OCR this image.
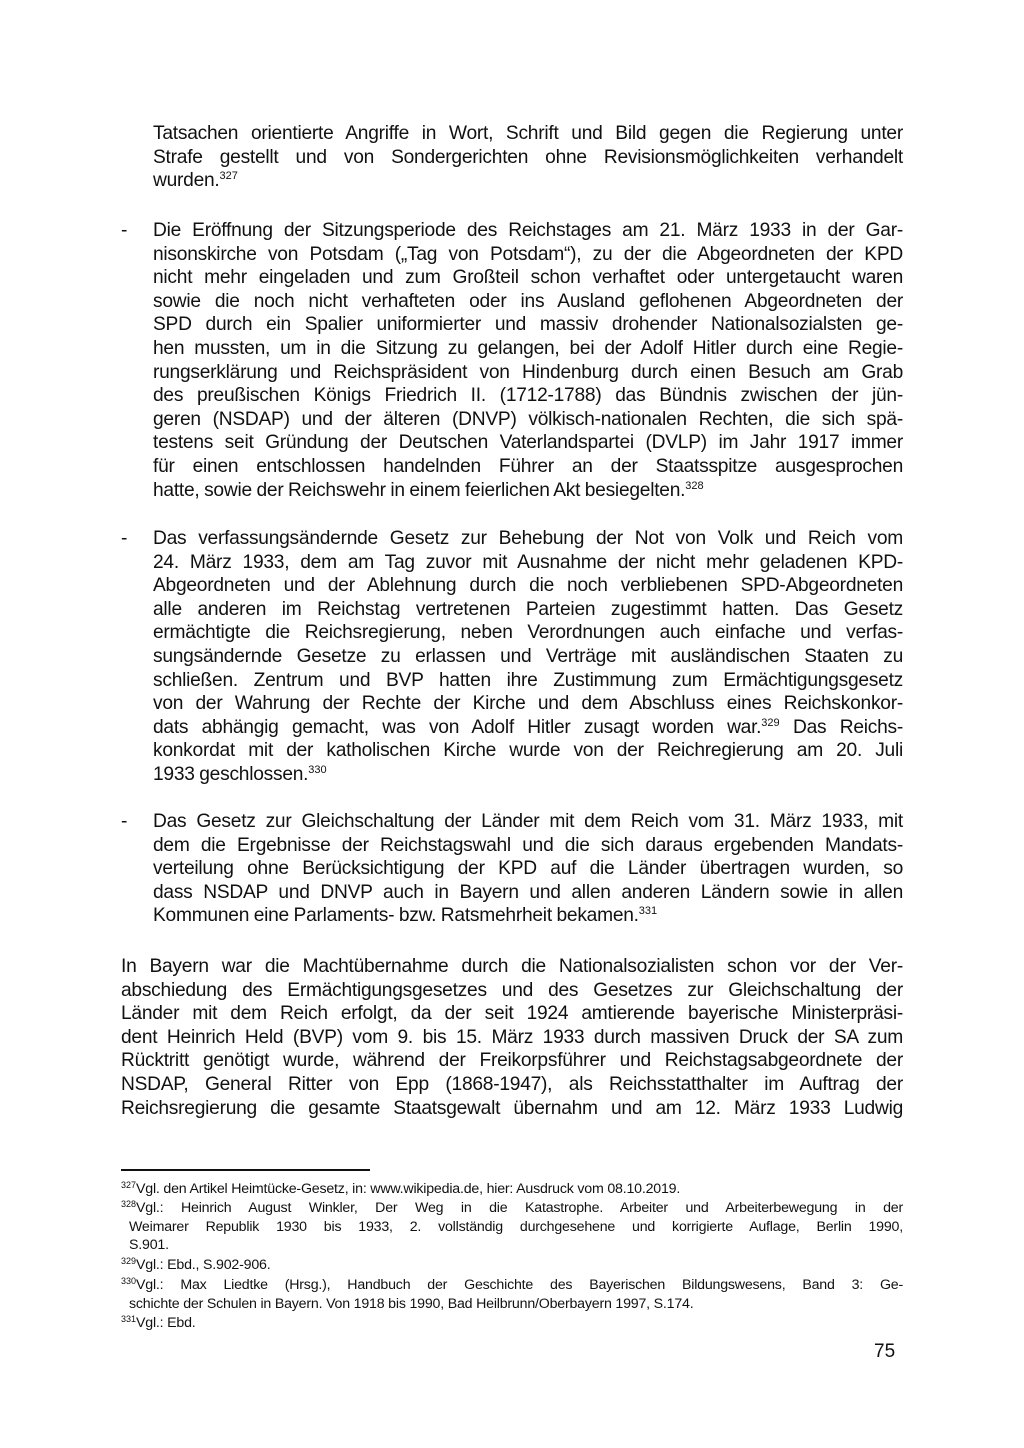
Tatsachen orientierte Angriffe in Wort, Schrift und Bild gegen die Regierung unter
Strafe gestellt und von Sondergerichten ohne Revisionsmöglichkeiten verhandelt
wurden.$^{327}$
- Die Eröffnung der Sitzungsperiode des Reichstages am 21. März 1933 in der Gar-
nisonskirche von Potsdam („Tag von Potsdam“), zu der die Abgeordneten der KPD
nicht mehr eingeladen und zum Großteil schon verhaftet oder untergetaucht waren
sowie die noch nicht verhafteten oder ins Ausland geflohenen Abgeordneten der
SPD durch ein Spalier uniformierter und massiv drohender Nationalsozialsten ge-
hen mussten, um in die Sitzung zu gelangen, bei der Adolf Hitler durch eine Regie-
rungserklärung und Reichspräsident von Hindenburg durch einen Besuch am Grab
des preußischen Königs Friedrich II. (1712-1788) das Bündnis zwischen der jün-
geren (NSDAP) und der älteren (DNVP) völkisch-nationalen Rechten, die sich spä-
testens seit Gründung der Deutschen Vaterlandspartei (DVLP) im Jahr 1917 immer
für einen entschlossen handelnden Führer an der Staatsspitze ausgesprochen
hatte, sowie der Reichswehr in einem feierlichen Akt besiegelten.$^{328}$
- Das verfassungsändernde Gesetz zur Behebung der Not von Volk und Reich vom
24. März 1933, dem am Tag zuvor mit Ausnahme der nicht mehr geladenen KPD-
Abgeordneten und der Ablehnung durch die noch verbliebenen SPD-Abgeordneten
alle anderen im Reichstag vertretenen Parteien zugestimmt hatten. Das Gesetz
ermächtigte die Reichsregierung, neben Verordnungen auch einfache und verfas-
sungsändernde Gesetze zu erlassen und Verträge mit ausländischen Staaten zu
schließen. Zentrum und BVP hatten ihre Zustimmung zum Ermächtigungsgesetz
von der Wahrung der Rechte der Kirche und dem Abschluss eines Reichskonkor-
dats abhängig gemacht, was von Adolf Hitler zusagt worden war.$^{329}$ Das Reichs-
konkordat mit der katholischen Kirche wurde von der Reichregierung am 20. Juli
1933 geschlossen.$^{330}$
- Das Gesetz zur Gleichschaltung der Länder mit dem Reich vom 31. März 1933, mit
dem die Ergebnisse der Reichstagswahl und die sich daraus ergebenden Mandats-
verteilung ohne Berücksichtigung der KPD auf die Länder übertragen wurden, so
dass NSDAP und DNVP auch in Bayern und allen anderen Ländern sowie in allen
Kommunen eine Parlaments- bzw. Ratsmehrheit bekamen.$^{331}$
In Bayern war die Machtübernahme durch die Nationalsozialisten schon vor der Ver-
abschiedung des Ermächtigungsgesetzes und des Gesetzes zur Gleichschaltung der
Länder mit dem Reich erfolgt, da der seit 1924 amtierende bayerische Ministerpräsi-
dent Heinrich Held (BVP) vom 9. bis 15. März 1933 durch massiven Druck der SA zum
Rücktritt genötigt wurde, während der Freikorpsführer und Reichstagsabgeordnete der
NSDAP, General Ritter von Epp (1868-1947), als Reichsstatthalter im Auftrag der
Reichsregierung die gesamte Staatsgewalt übernahm und am 12. März 1933 Ludwig
$^{327}$Vgl. den Artikel Heimtücke-Gesetz, in: www.wikipedia.de, hier: Ausdruck vom 08.10.2019.
$^{328}$Vgl.: Heinrich August Winkler, Der Weg in die Katastrophe. Arbeiter und Arbeiterbewegung in der
Weimarer Republik 1930 bis 1933, 2. vollständig durchgesehene und korrigierte Auflage, Berlin 1990,
S.901.
$^{329}$Vgl.: Ebd., S.902-906.
$^{330}$Vgl.: Max Liedtke (Hrsg.), Handbuch der Geschichte des Bayerischen Bildungswesens, Band 3: Ge-
schichte der Schulen in Bayern. Von 1918 bis 1990, Bad Heilbrunn/Oberbayern 1997, S.174.
$^{331}$Vgl.: Ebd.
75
